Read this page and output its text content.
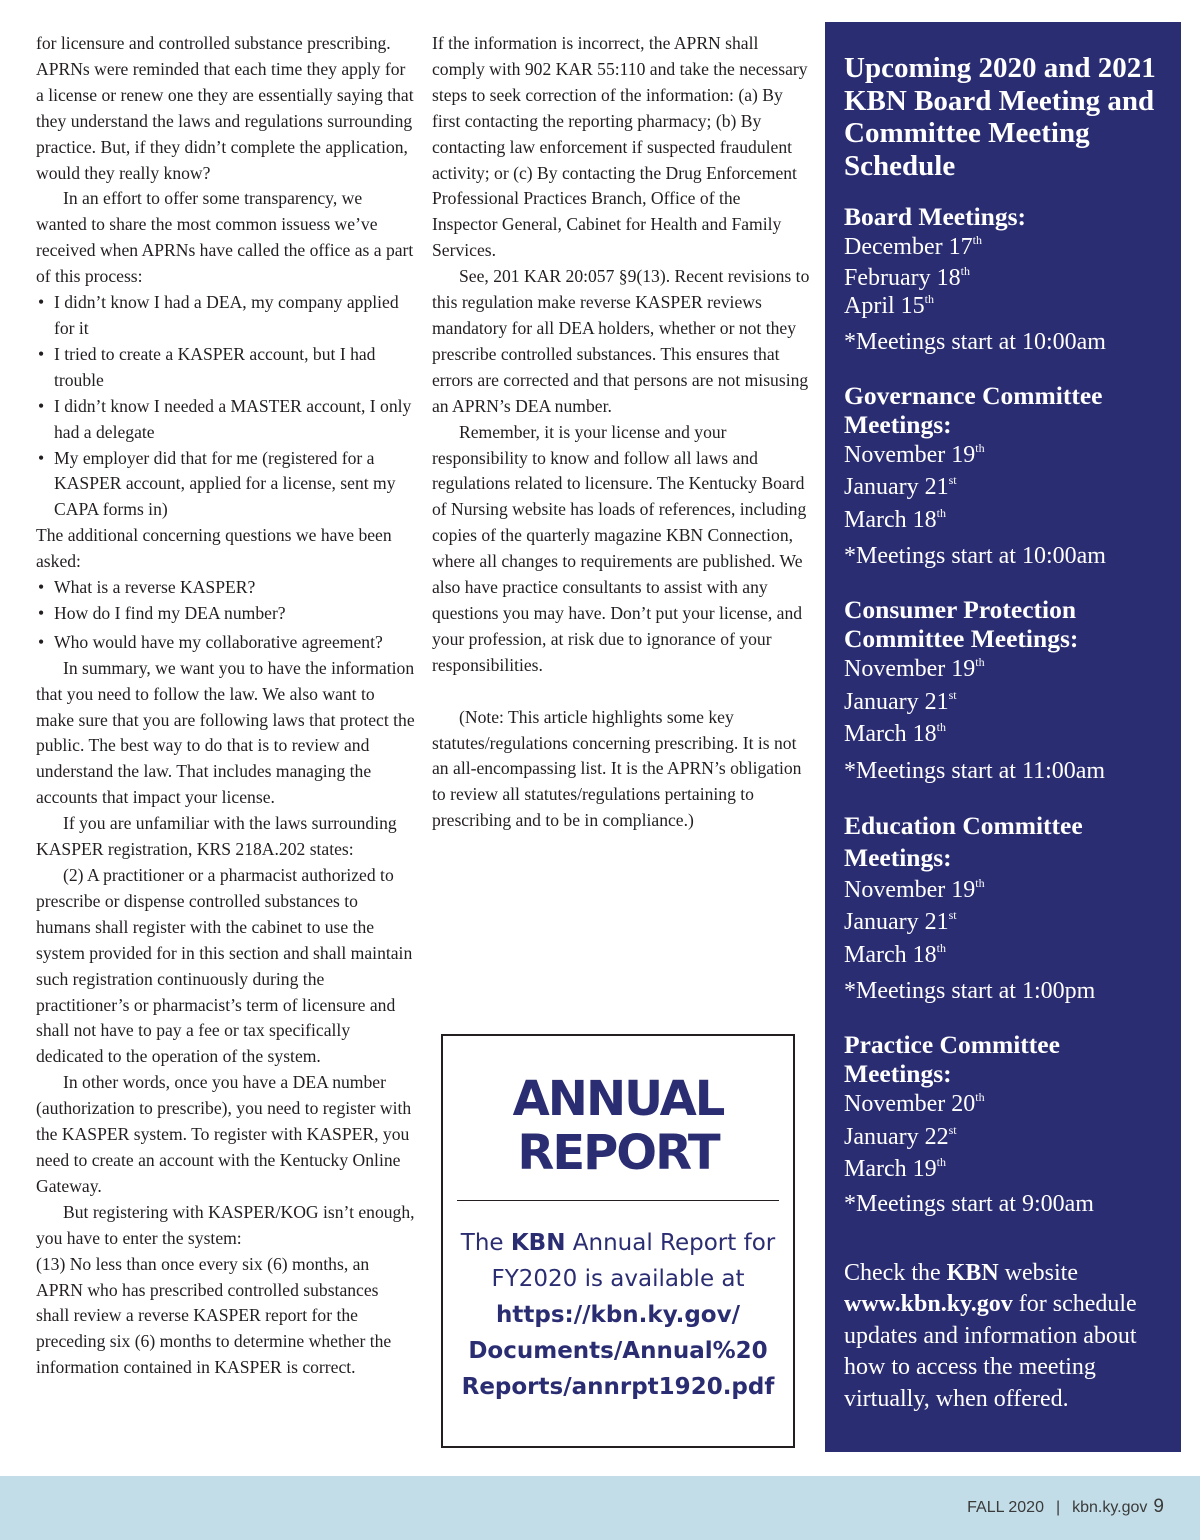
for licensure and controlled substance prescribing. APRNs were reminded that each time they apply for a license or renew one they are essentially saying that they understand the laws and regulations surrounding practice. But, if they didn’t complete the application, would they really know?

In an effort to offer some transparency, we wanted to share the most common issuess we’ve received when APRNs have called the office as a part of this process:

• I didn’t know I had a DEA, my company applied for it
• I tried to create a KASPER account, but I had trouble
• I didn’t know I needed a MASTER account, I only had a delegate
• My employer did that for me (registered for a KASPER account, applied for a license, sent my CAPA forms in)

The additional concerning questions we have been asked:

• What is a reverse KASPER?
• How do I find my DEA number?
• Who would have my collaborative agreement?

In summary, we want you to have the information that you need to follow the law. We also want to make sure that you are following laws that protect the public. The best way to do that is to review and understand the law. That includes managing the accounts that impact your license.

If you are unfamiliar with the laws surrounding KASPER registration, KRS 218A.202 states:

(2) A practitioner or a pharmacist authorized to prescribe or dispense controlled substances to humans shall register with the cabinet to use the system provided for in this section and shall maintain such registration continuously during the practitioner’s or pharmacist’s term of licensure and shall not have to pay a fee or tax specifically dedicated to the operation of the system.

In other words, once you have a DEA number (authorization to prescribe), you need to register with the KASPER system. To register with KASPER, you need to create an account with the Kentucky Online Gateway.

But registering with KASPER/KOG isn’t enough, you have to enter the system:

(13) No less than once every six (6) months, an APRN who has prescribed controlled substances shall review a reverse KASPER report for the preceding six (6) months to determine whether the information contained in KASPER is correct.

If the information is incorrect, the APRN shall comply with 902 KAR 55:110 and take the necessary steps to seek correction of the information: (a) By first contacting the reporting pharmacy; (b) By contacting law enforcement if suspected fraudulent activity; or (c) By contacting the Drug Enforcement Professional Practices Branch, Office of the Inspector General, Cabinet for Health and Family Services.

See, 201 KAR 20:057 §9(13). Recent revisions to this regulation make reverse KASPER reviews mandatory for all DEA holders, whether or not they prescribe controlled substances. This ensures that errors are corrected and that persons are not misusing an APRN’s DEA number.

Remember, it is your license and your responsibility to know and follow all laws and regulations related to licensure. The Kentucky Board of Nursing website has loads of references, including copies of the quarterly magazine KBN Connection, where all changes to requirements are published. We also have practice consultants to assist with any questions you may have. Don’t put your license, and your profession, at risk due to ignorance of your responsibilities.

(Note: This article highlights some key statutes/regulations concerning prescribing. It is not an all-encompassing list. It is the APRN’s obligation to review all statutes/regulations pertaining to prescribing and to be in compliance.)

ANNUAL
REPORT
The KBN Annual Report for FY2020 is available at
https://kbn.ky.gov/
Documents/Annual%20
Reports/annrpt1920.pdf
Upcoming 2020 and 2021 KBN Board Meeting and Committee Meeting Schedule
Board Meetings:
December 17th
February 18th
April 15th
*Meetings start at 10:00am
Governance Committee Meetings:
November 19th
January 21st
March 18th
*Meetings start at 10:00am
Consumer Protection Committee Meetings:
November 19th
January 21st
March 18th
*Meetings start at 11:00am
Education Committee Meetings:
November 19th
January 21st
March 18th
*Meetings start at 1:00pm
Practice Committee Meetings:
November 20th
January 22st
March 19th
*Meetings start at 9:00am
Check the KBN website www.kbn.ky.gov for schedule updates and information about how to access the meeting virtually, when offered.
FALL 2020 | kbn.ky.gov 9
